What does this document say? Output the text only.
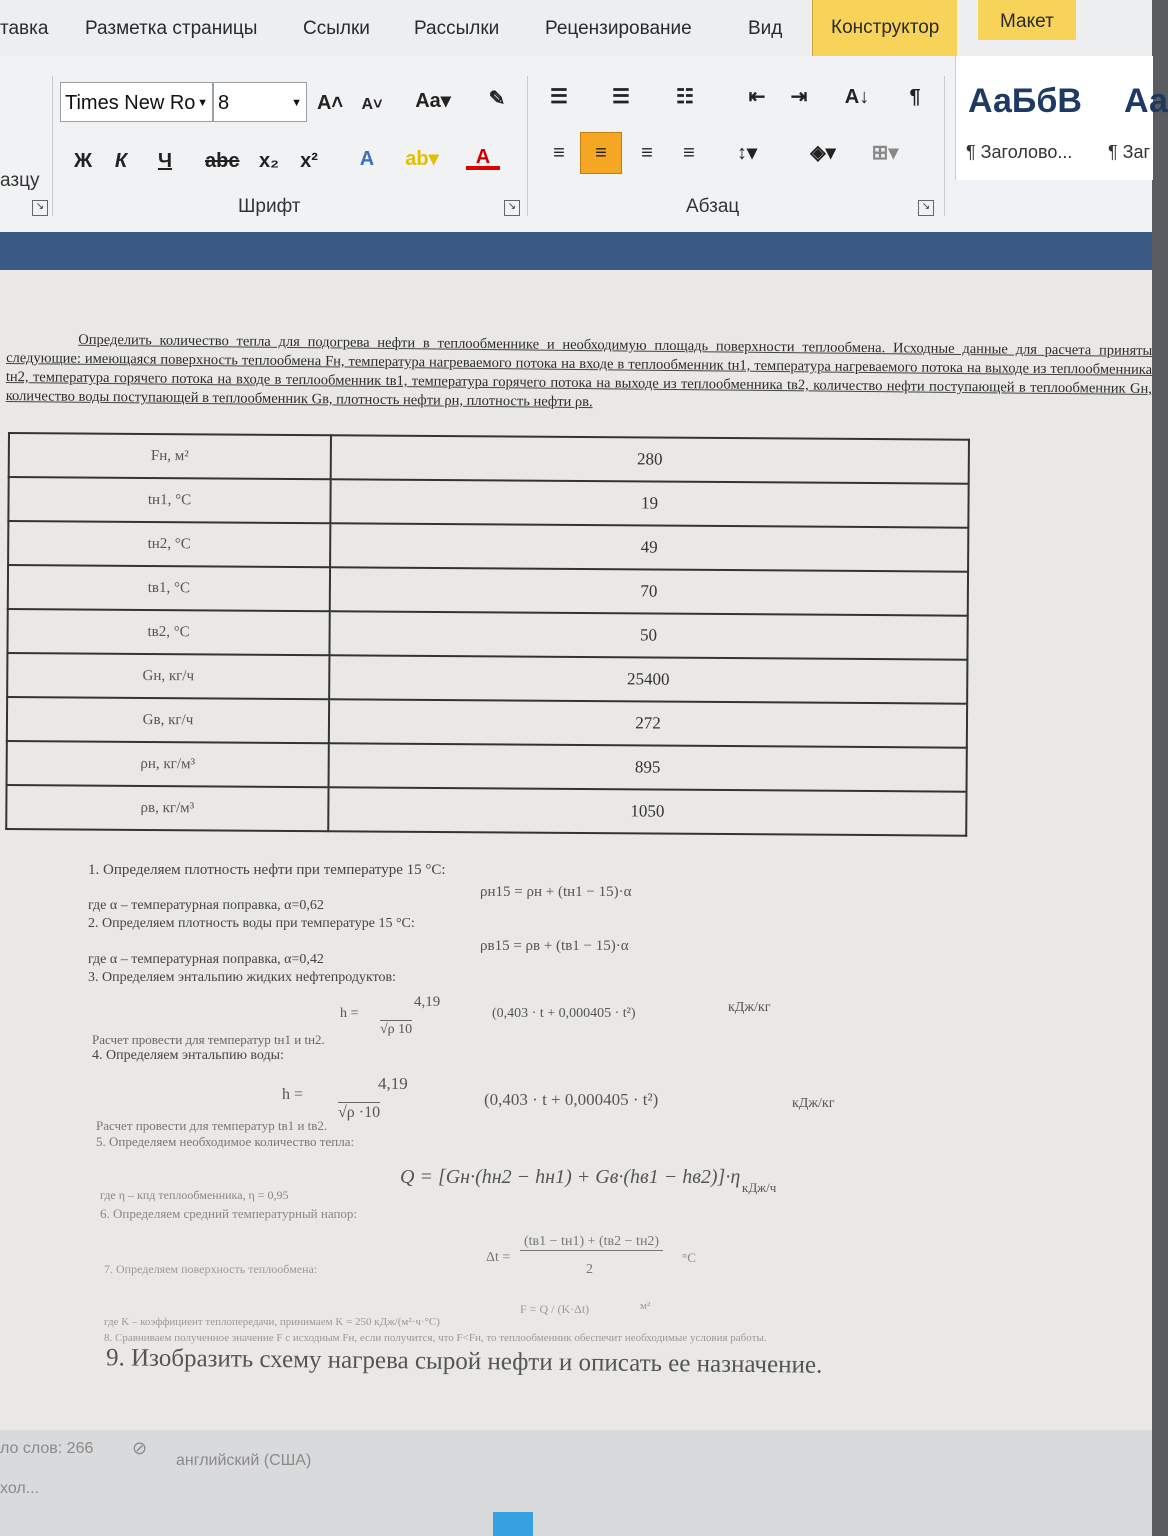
тавка Разметка страницы Ссылки Рассылки Рецензирование	Вид	Конструктор	Макет
азцу
↘
Times New Ro ▼ 8	▼ A˄	A˅	Aa▾	✎
Ж	К	Ч	abc x₂	x²	A	ab▾	A
Шрифт	↘
☰	☰	☷	⇤	⇥	A↓	¶
≡	≡	≡	≡	↕▾	◈▾ ⊞▾
Абзац	↘
АаБбВ Аа
¶ Заголово... ¶ Заг

Определить количество тепла для подогрева нефти в теплообменнике и необходимую площадь поверхности теплообмена. Исходные данные для расчета приняты следующие: имеющаяся поверхность теплообмена Fн, температура нагреваемого потока на входе в теплообменник tн1, температура нагреваемого потока на выходе из теплообменника tн2, температура горячего потока на входе в теплообменник tв1, температура горячего потока на выходе из теплообменника tв2, количество нефти поступающей в теплообменник Gн, количество воды поступающей в теплообменник Gв, плотность нефти ρн, плотность нефти ρв.

Fн, м²	280
tн1, °C	19
tн2, °C	49
tв1, °C	70
tв2, °C	50
Gн, кг/ч	25400
Gв, кг/ч	272
ρн, кг/м³	895
ρв, кг/м³	1050
1. Определяем плотность нефти при температуре 15 °С:
ρн15 = ρн + (tн1 − 15)·α
где α – температурная поправка, α=0,62
2. Определяем плотность воды при температуре 15 °С:
ρв15 = ρв + (tв1 − 15)·α
где α – температурная поправка, α=0,42
3. Определяем энтальпию жидких нефтепродуктов:
h =
4,19
√ρ 10
(0,403 · t + 0,000405 · t²)	кДж/кг
Расчет провести для температур tн1 и tн2.
4. Определяем энтальпию воды:
h =
4,19
√ρ ·10
(0,403 · t + 0,000405 · t²)	кДж/кг
Расчет провести для температур tв1 и tв2.
5. Определяем необходимое количество тепла:
Q = [Gн·(hн2 − hн1) + Gв·(hв1 − hв2)]·η кДж/ч
где η – кпд теплообменника, η = 0,95
6. Определяем средний температурный напор:
Δt =
(tв1 − tн1) + (tв2 − tн2)
2
°С
7. Определяем поверхность теплообмена:
F = Q / (K·Δt)	м²
где K – коэффициент теплопередачи, принимаем K = 250 кДж/(м²·ч·°С)
8. Сравниваем полученное значение F с исходным Fн, если получится, что F<Fн, то теплообменник обеспечит необходимые условия работы.
9. Изобразить схему нагрева сырой нефти и описать ее назначение.
ло слов: 266 ⊘
английский (США)
хол...
